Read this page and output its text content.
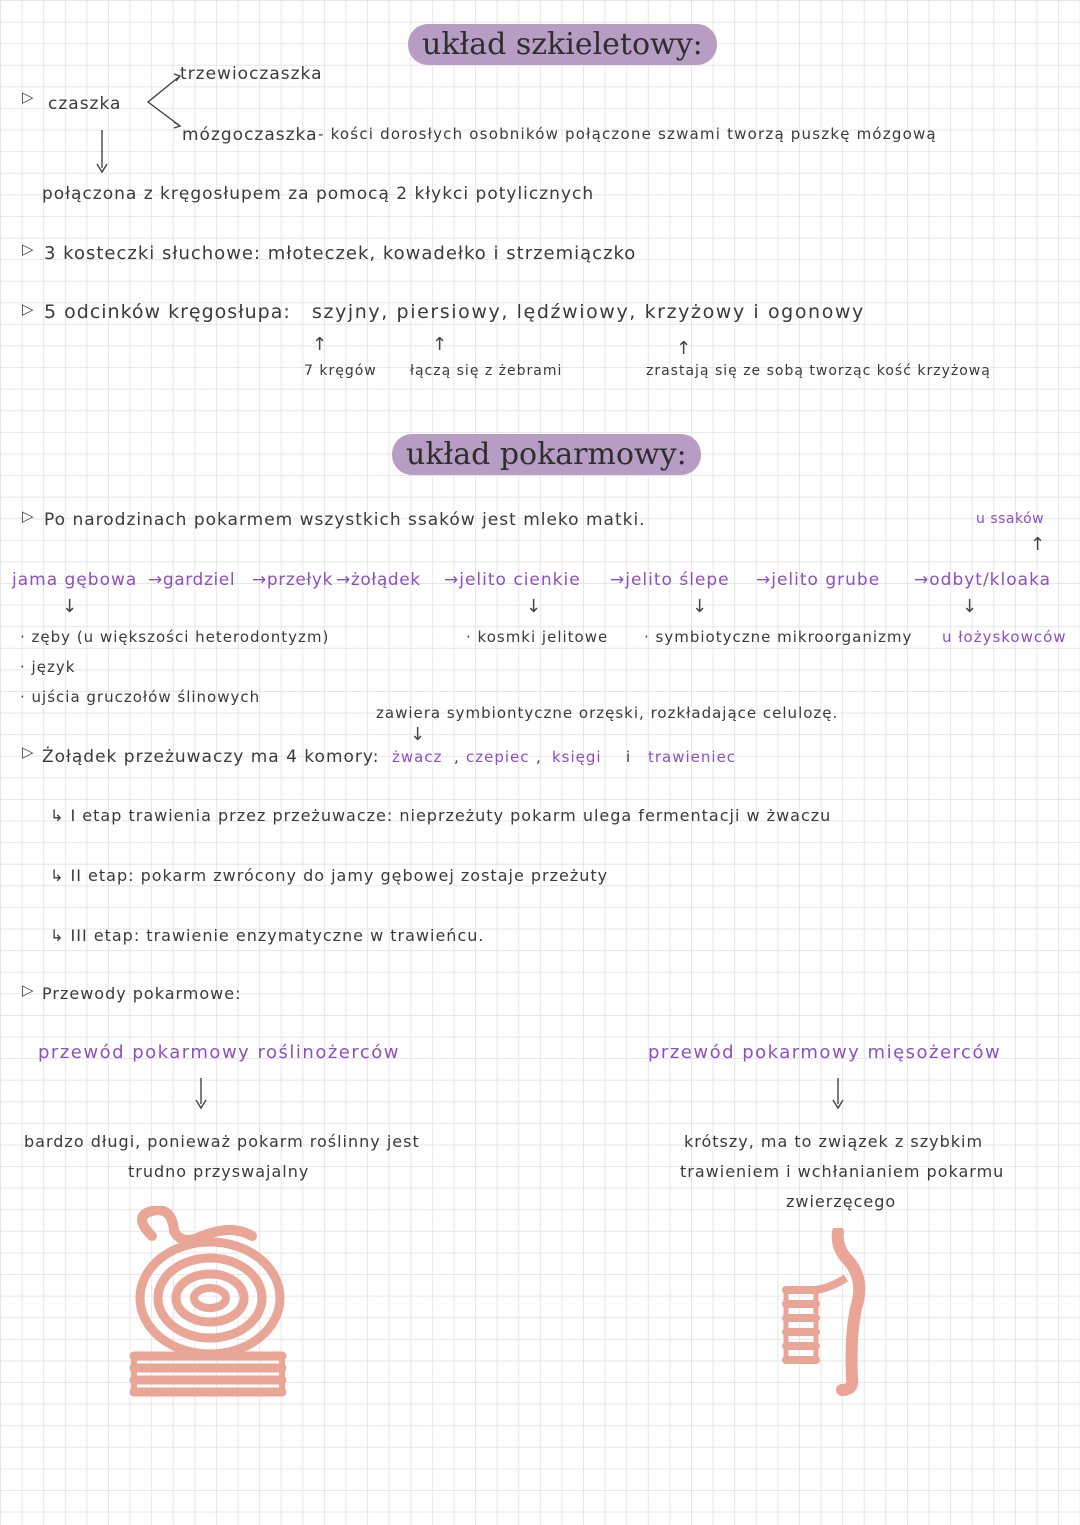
układ szkieletowy:
▷ czaszka
trzewioczaszka
mózgoczaszka - kości dorosłych osobników połączone szwami tworzą puszkę mózgową
połączona z kręgosłupem za pomocą 2 kłykci potylicznych
▷ 3 kosteczki słuchowe: młoteczek, kowadełko i strzemiączko
▷ 5 odcinków kręgosłupa: szyjny, piersiowy, lędźwiowy, krzyżowy i ogonowy
↑	↑	↑
7 kręgów łączą się z żebrami	zrastają się ze sobą tworząc kość krzyżową
układ pokarmowy:
▷ Po narodzinach pokarmem wszystkich ssaków jest mleko matki.	u ssaków
↑
jama gębowa →gardziel →przełyk →żołądek →jelito cienkie →jelito ślepe →jelito grube →odbyt/kloaka
↓	↓	↓	↓
· zęby (u większości heterodontyzm)
· język
· ujścia gruczołów ślinowych
· kosmki jelitowe · symbiotyczne mikroorganizmy u łożyskowców
zawiera symbiontyczne orzęski, rozkładające celulozę.
↓
▷ Żołądek przeżuwaczy ma 4 komory: żwacz , czepiec , księgi i trawieniec
↳ I etap trawienia przez przeżuwacze: nieprzeżuty pokarm ulega fermentacji w żwaczu
↳ II etap: pokarm zwrócony do jamy gębowej zostaje przeżuty
↳ III etap: trawienie enzymatyczne w trawieńcu.
▷ Przewody pokarmowe:
przewód pokarmowy roślinożerców
bardzo długi, ponieważ pokarm roślinny jest
trudno przyswajalny
przewód pokarmowy mięsożerców
krótszy, ma to związek z szybkim
trawieniem i wchłanianiem pokarmu
zwierzęcego
